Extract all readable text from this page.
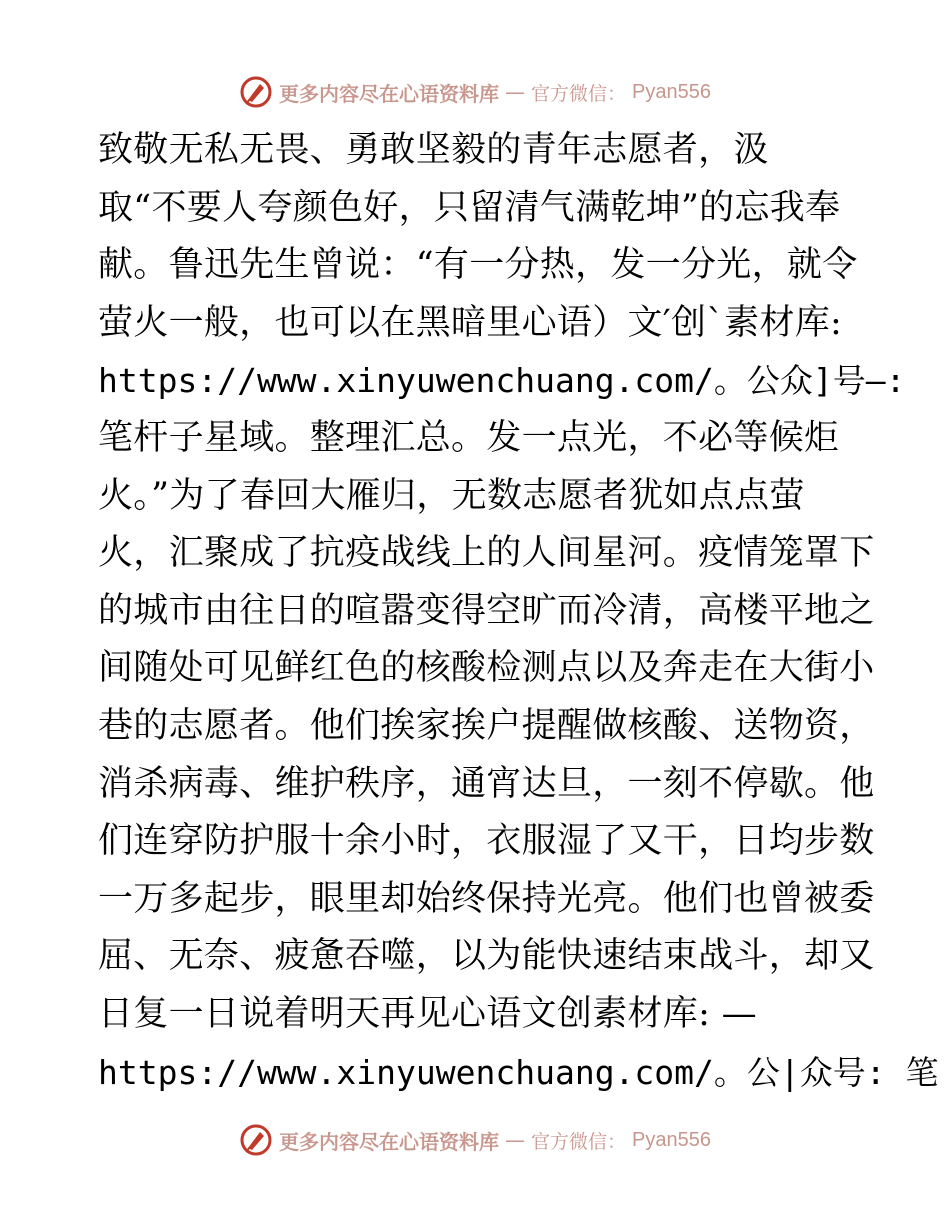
更多内容尽在心语资料库 — 官方微信： Pyan556
致敬无私无畏、勇敢坚毅的青年志愿者，汲
取“不要人夸颜色好，只留清气满乾坤”的忘我奉
献。鲁迅先生曾说：“有一分热，发一分光，就令
萤火一般，也可以在黑暗里心语）文′创`素材库:
https://www.xinyuwenchuang.com/。公众]号—:
笔杆子星域。整理汇总。发一点光，不必等候炬
火。”为了春回大雁归，无数志愿者犹如点点萤
火，汇聚成了抗疫战线上的人间星河。疫情笼罩下
的城市由往日的喧嚣变得空旷而冷清，高楼平地之
间随处可见鲜红色的核酸检测点以及奔走在大街小
巷的志愿者。他们挨家挨户提醒做核酸、送物资，
消杀病毒、维护秩序，通宵达旦，一刻不停歇。他
们连穿防护服十余小时，衣服湿了又干，日均步数
一万多起步，眼里却始终保持光亮。他们也曾被委
屈、无奈、疲惫吞噬，以为能快速结束战斗，却又
日复一日说着明天再见心语文创素材库: —
https://www.xinyuwenchuang.com/。公|众号: 笔
更多内容尽在心语资料库 — 官方微信： Pyan556
